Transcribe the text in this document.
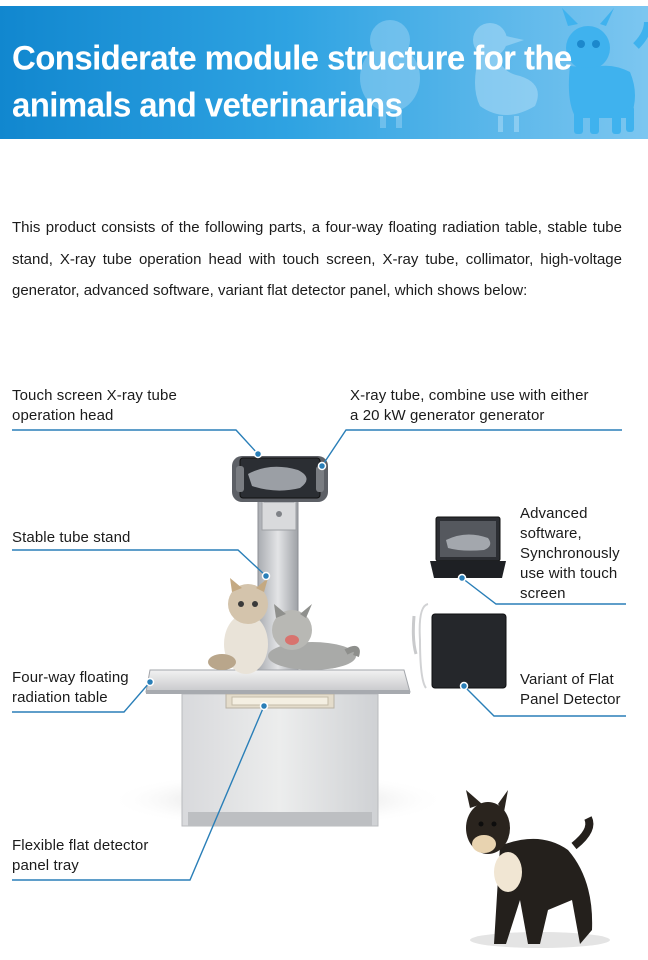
Considerate module structure for the animals and veterinarians

This product consists of the following parts, a four-way floating radiation table, stable tube stand, X-ray tube operation head with touch screen, X-ray tube, collimator, high-voltage generator, advanced software, variant flat detector panel, which shows below:

Touch screen X-ray tube
operation head
X-ray tube, combine use with either
a 20 kW generator generator
Stable tube stand
Advanced
software,
Synchronously
use with touch
screen
Four-way floating
radiation table
Variant of Flat
Panel Detector
Flexible flat detector
panel tray
